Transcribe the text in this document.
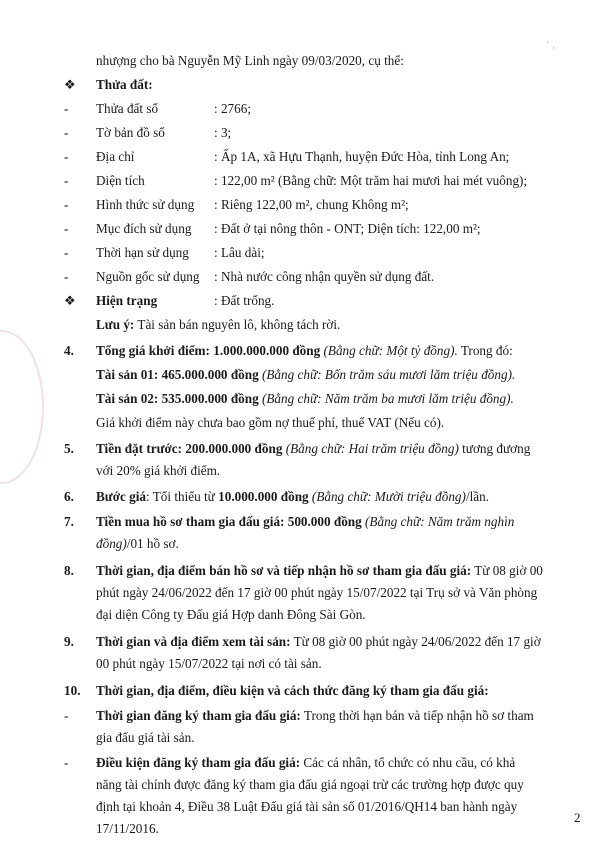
ʻ ‚
nhượng cho bà Nguyễn Mỹ Linh ngày 09/03/2020, cụ thể:
❖ Thửa đất:
- Thửa đất số	: 2766;
- Tờ bản đồ số	: 3;
- Địa chỉ	: Ấp 1A, xã Hựu Thạnh, huyện Đức Hòa, tỉnh Long An;
- Diện tích	: 122,00 m² (Bằng chữ: Một trăm hai mươi hai mét vuông);
- Hình thức sử dụng : Riêng 122,00 m², chung Không m²;
- Mục đích sử dụng : Đất ở tại nông thôn - ONT; Diện tích: 122,00 m²;
- Thời hạn sử dụng : Lâu dài;
- Nguồn gốc sử dụng : Nhà nước công nhận quyền sử dụng đất.
❖ Hiện trạng	: Đất trống.
Lưu ý: Tài sản bán nguyên lô, không tách rời.
4. Tổng giá khởi điểm: 1.000.000.000 đồng (Bằng chữ: Một tỷ đồng). Trong đó:
Tài sản 01: 465.000.000 đồng (Bằng chữ: Bốn trăm sáu mươi lăm triệu đồng).
Tài sản 02: 535.000.000 đồng (Bằng chữ: Năm trăm ba mươi lăm triệu đồng).
Giá khởi điểm này chưa bao gồm nợ thuế phí, thuế VAT (Nếu có).
5. Tiền đặt trước: 200.000.000 đồng (Bằng chữ: Hai trăm triệu đồng) tương đương
với 20% giá khởi điểm.
6. Bước giá: Tối thiểu từ 10.000.000 đồng (Bằng chữ: Mười triệu đồng)/lần.
7. Tiền mua hồ sơ tham gia đấu giá: 500.000 đồng (Bằng chữ: Năm trăm nghìn
đồng)/01 hồ sơ.
8. Thời gian, địa điểm bán hồ sơ và tiếp nhận hồ sơ tham gia đấu giá: Từ 08 giờ 00
phút ngày 24/06/2022 đến 17 giờ 00 phút ngày 15/07/2022 tại Trụ sở và Văn phòng
đại diện Công ty Đấu giá Hợp danh Đông Sài Gòn.
9. Thời gian và địa điểm xem tài sản: Từ 08 giờ 00 phút ngày 24/06/2022 đến 17 giờ
00 phút ngày 15/07/2022 tại nơi có tài sản.
10. Thời gian, địa điểm, điều kiện và cách thức đăng ký tham gia đấu giá:
- Thời gian đăng ký tham gia đấu giá: Trong thời hạn bán và tiếp nhận hồ sơ tham
gia đấu giá tài sản.
- Điều kiện đăng ký tham gia đấu giá: Các cá nhân, tổ chức có nhu cầu, có khả
năng tài chính được đăng ký tham gia đấu giá ngoại trừ các trường hợp được quy
định tại khoản 4, Điều 38 Luật Đấu giá tài sản số 01/2016/QH14 ban hành ngày
17/11/2016.
2
